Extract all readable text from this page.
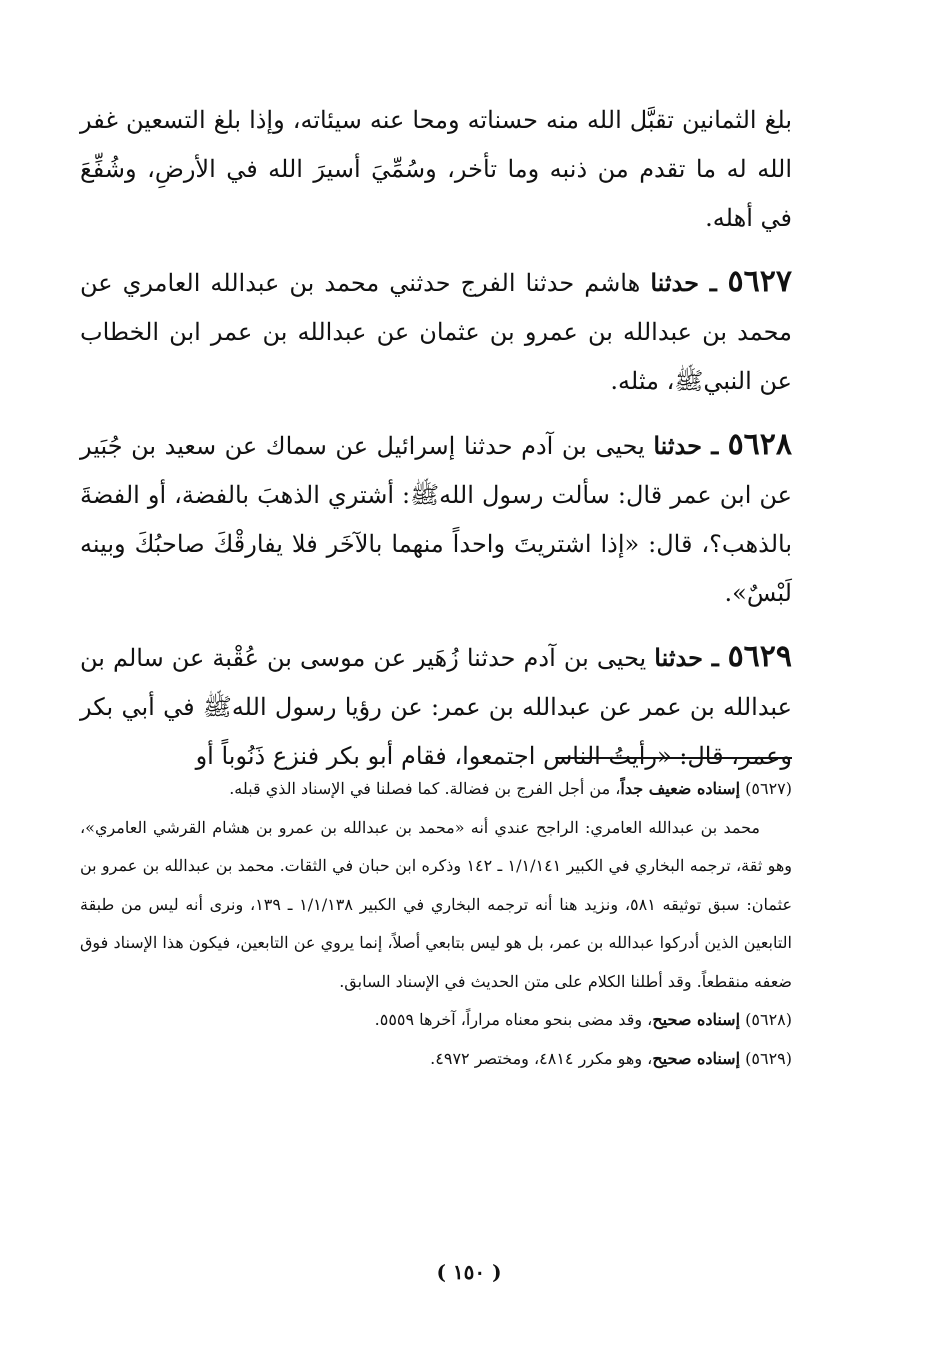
بلغ الثمانين تقبَّل الله منه حسناته ومحا عنه سيئاته، وإذا بلغ التسعين غفر الله له ما تقدم من ذنبه وما تأخر، وسُمِّيَ أسيرَ الله في الأرضِ، وشُفِّعَ في أهله.

٥٦٢٧ ـ حدثنا هاشم حدثنا الفرج حدثني محمد بن عبدالله العامري عن محمد بن عبدالله بن عمرو بن عثمان عن عبدالله بن عمر ابن الخطاب عن النبيﷺ، مثله.

٥٦٢٨ ـ حدثنا يحيى بن آدم حدثنا إسرائيل عن سماك عن سعيد بن جُبَير عن ابن عمر قال: سألت رسول اللهﷺ: أشتري الذهبَ بالفضة، أو الفضةَ بالذهب؟، قال: «إذا اشتريتَ واحداً منهما بالآخَر فلا يفارقْكَ صاحبُكَ وبينه لَبْسٌ».

٥٦٢٩ ـ حدثنا يحيى بن آدم حدثنا زُهَير عن موسى بن عُقْبة عن سالم بن عبدالله بن عمر عن عبدالله بن عمر: عن رؤيا رسول اللهﷺ في أبي بكر وعمر، قال: «رأيتُ الناس اجتمعوا، فقام أبو بكر فنزع ذَنُوباً أو

(٥٦٢٧) إسناده ضعيف جداً، من أجل الفرج بن فضالة. كما فصلنا في الإسناد الذي قبله.

محمد بن عبدالله العامري: الراجح عندي أنه «محمد بن عبدالله بن عمرو بن هشام القرشي العامري»، وهو ثقة، ترجمه البخاري في الكبير ١/١/١٤١ ـ ١٤٢ وذكره ابن حبان في الثقات. محمد بن عبدالله بن عمرو بن عثمان: سبق توثيقه ٥٨١، ونزيد هنا أنه ترجمه البخاري في الكبير ١/١/١٣٨ ـ ١٣٩، ونرى أنه ليس من طبقة التابعين الذين أدركوا عبدالله بن عمر، بل هو ليس بتابعي أصلاً، إنما يروي عن التابعين، فيكون هذا الإسناد فوق ضعفه منقطعاً. وقد أطلنا الكلام على متن الحديث في الإسناد السابق.

(٥٦٢٨) إسناده صحيح، وقد مضى بنحو معناه مراراً، آخرها ٥٥٥٩.

(٥٦٢٩) إسناده صحيح، وهو مكرر ٤٨١٤، ومختصر ٤٩٧٢.

( ١٥٠ )
